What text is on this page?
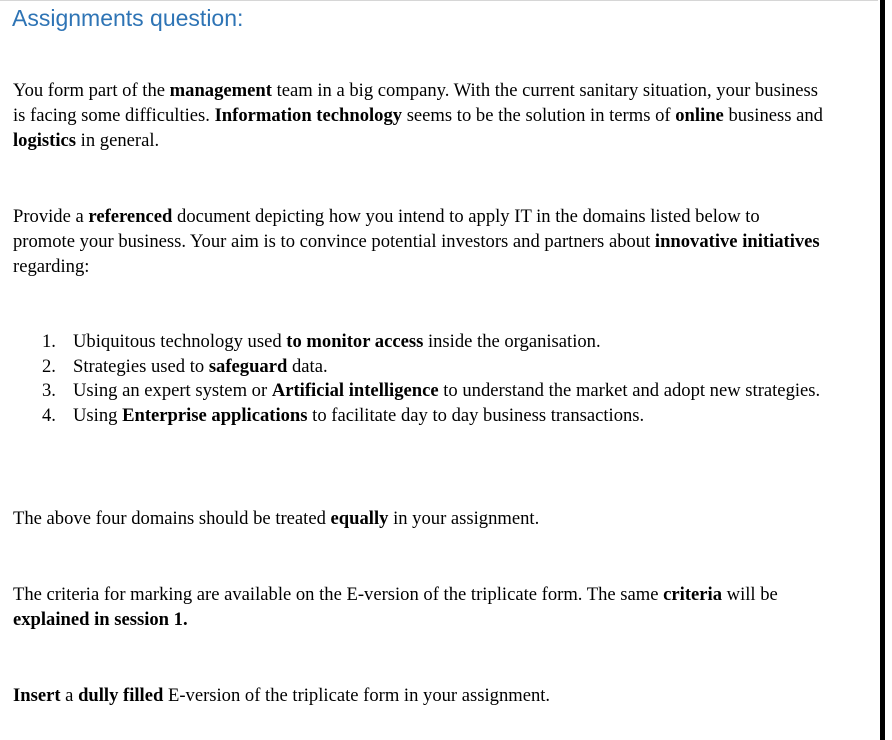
Assignments question:

You form part of the management team in a big company. With the current sanitary situation, your business is facing some difficulties. Information technology seems to be the solution in terms of online business and logistics in general.

Provide a referenced document depicting how you intend to apply IT in the domains listed below to promote your business. Your aim is to convince potential investors and partners about innovative initiatives regarding:

1. Ubiquitous technology used to monitor access inside the organisation.
2. Strategies used to safeguard data.
3. Using an expert system or Artificial intelligence to understand the market and adopt new strategies.
4. Using Enterprise applications to facilitate day to day business transactions.

The above four domains should be treated equally in your assignment.

The criteria for marking are available on the E-version of the triplicate form. The same criteria will be explained in session 1.

Insert a dully filled E-version of the triplicate form in your assignment.
